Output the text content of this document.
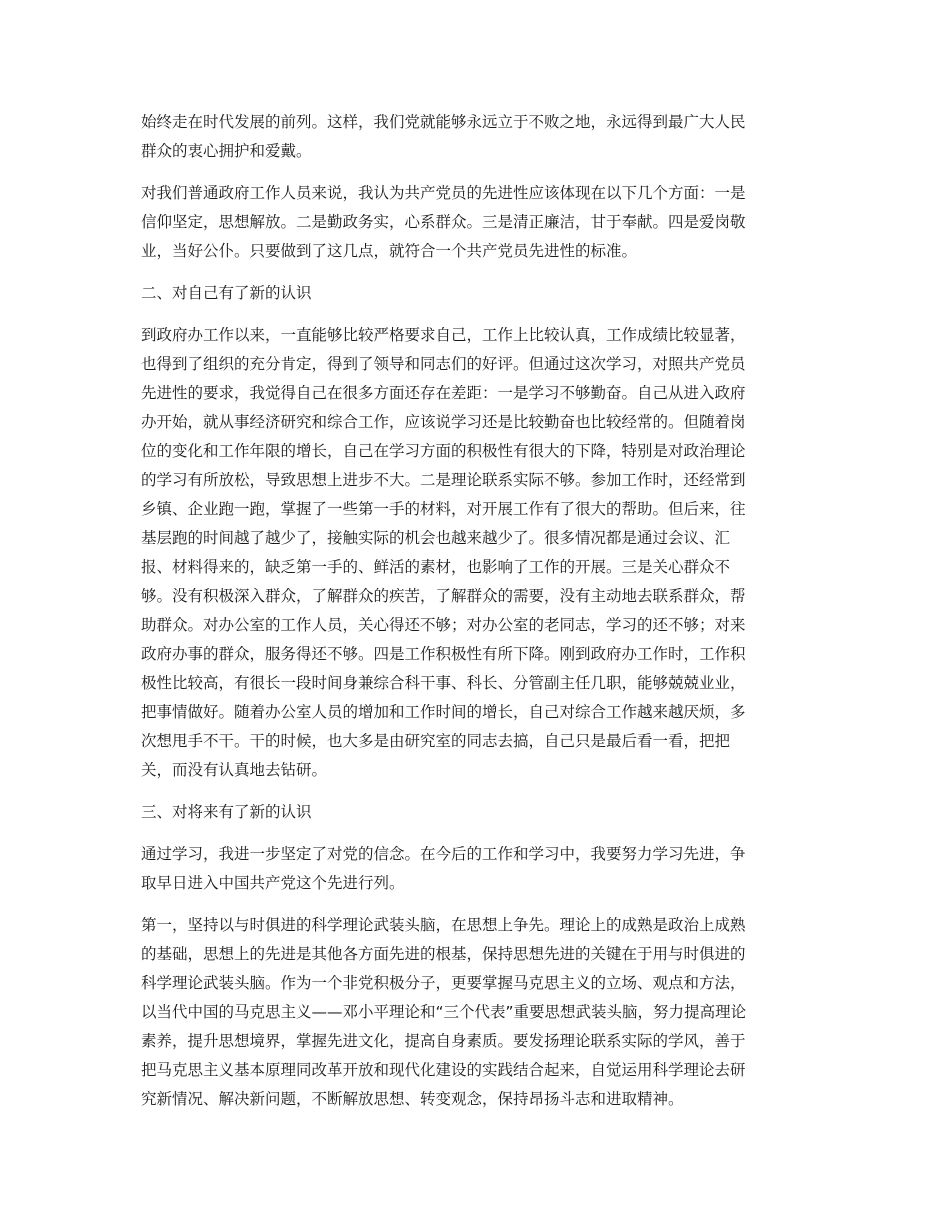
始终走在时代发展的前列。这样，我们党就能够永远立于不败之地，永远得到最广大人民
群众的衷心拥护和爱戴。
对我们普通政府工作人员来说，我认为共产党员的先进性应该体现在以下几个方面：一是
信仰坚定，思想解放。二是勤政务实，心系群众。三是清正廉洁，甘于奉献。四是爱岗敬
业，当好公仆。只要做到了这几点，就符合一个共产党员先进性的标准。
二、对自己有了新的认识
到政府办工作以来，一直能够比较严格要求自己，工作上比较认真，工作成绩比较显著，
也得到了组织的充分肯定，得到了领导和同志们的好评。但通过这次学习，对照共产党员
先进性的要求，我觉得自己在很多方面还存在差距：一是学习不够勤奋。自己从进入政府
办开始，就从事经济研究和综合工作，应该说学习还是比较勤奋也比较经常的。但随着岗
位的变化和工作年限的增长，自己在学习方面的积极性有很大的下降，特别是对政治理论
的学习有所放松，导致思想上进步不大。二是理论联系实际不够。参加工作时，还经常到
乡镇、企业跑一跑，掌握了一些第一手的材料，对开展工作有了很大的帮助。但后来，往
基层跑的时间越了越少了，接触实际的机会也越来越少了。很多情况都是通过会议、汇
报、材料得来的，缺乏第一手的、鲜活的素材，也影响了工作的开展。三是关心群众不
够。没有积极深入群众，了解群众的疾苦，了解群众的需要，没有主动地去联系群众，帮
助群众。对办公室的工作人员，关心得还不够；对办公室的老同志，学习的还不够；对来
政府办事的群众，服务得还不够。四是工作积极性有所下降。刚到政府办工作时，工作积
极性比较高，有很长一段时间身兼综合科干事、科长、分管副主任几职，能够兢兢业业，
把事情做好。随着办公室人员的增加和工作时间的增长，自己对综合工作越来越厌烦，多
次想甩手不干。干的时候，也大多是由研究室的同志去搞，自己只是最后看一看，把把
关，而没有认真地去钻研。
三、对将来有了新的认识
通过学习，我进一步坚定了对党的信念。在今后的工作和学习中，我要努力学习先进，争
取早日进入中国共产党这个先进行列。
第一，坚持以与时俱进的科学理论武装头脑，在思想上争先。理论上的成熟是政治上成熟
的基础，思想上的先进是其他各方面先进的根基，保持思想先进的关键在于用与时俱进的
科学理论武装头脑。作为一个非党积极分子，更要掌握马克思主义的立场、观点和方法，
以当代中国的马克思主义——邓小平理论和“三个代表”重要思想武装头脑，努力提高理论
素养，提升思想境界，掌握先进文化，提高自身素质。要发扬理论联系实际的学风，善于
把马克思主义基本原理同改革开放和现代化建设的实践结合起来，自觉运用科学理论去研
究新情况、解决新问题，不断解放思想、转变观念，保持昂扬斗志和进取精神。
